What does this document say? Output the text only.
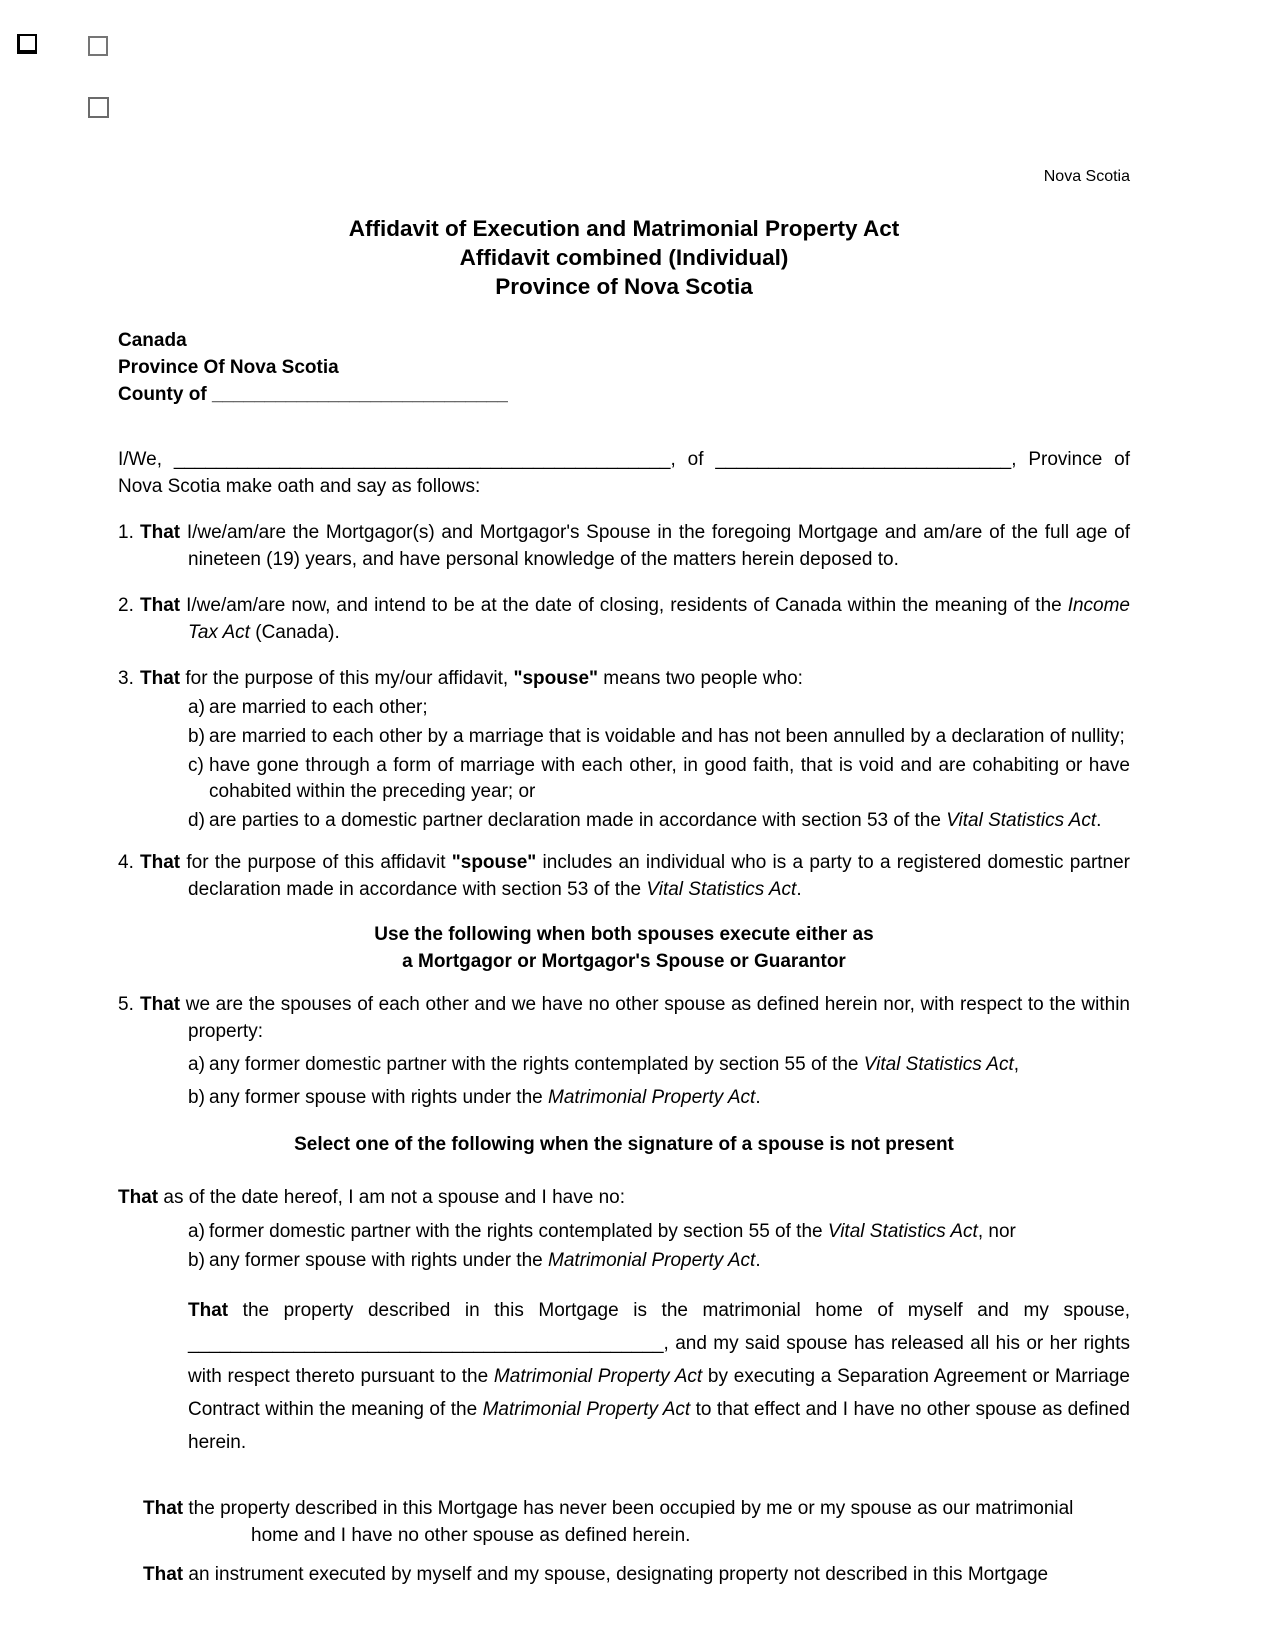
Nova Scotia
Affidavit of Execution and Matrimonial Property Act
Affidavit combined (Individual)
Province of Nova Scotia
Canada
Province Of Nova Scotia
County of ____________________________

I/We, _______________________________________________, of ____________________________, Province of Nova Scotia make oath and say as follows:

1. That I/we/am/are the Mortgagor(s) and Mortgagor's Spouse in the foregoing Mortgage and am/are of the full age of nineteen (19) years, and have personal knowledge of the matters herein deposed to.

2. That I/we/am/are now, and intend to be at the date of closing, residents of Canada within the meaning of the Income Tax Act (Canada).

3. That for the purpose of this my/our affidavit, "spouse" means two people who:

a) are married to each other;

b) are married to each other by a marriage that is voidable and has not been annulled by a declaration of nullity;

c) have gone through a form of marriage with each other, in good faith, that is void and are cohabiting or have cohabited within the preceding year; or

d) are parties to a domestic partner declaration made in accordance with section 53 of the Vital Statistics Act.

4. That for the purpose of this affidavit "spouse" includes an individual who is a party to a registered domestic partner declaration made in accordance with section 53 of the Vital Statistics Act.

Use the following when both spouses execute either as
a Mortgagor or Mortgagor's Spouse or Guarantor

5. That we are the spouses of each other and we have no other spouse as defined herein nor, with respect to the within property:

a) any former domestic partner with the rights contemplated by section 55 of the Vital Statistics Act,

b) any former spouse with rights under the Matrimonial Property Act.

Select one of the following when the signature of a spouse is not present

That as of the date hereof, I am not a spouse and I have no:

a) former domestic partner with the rights contemplated by section 55 of the Vital Statistics Act, nor

b) any former spouse with rights under the Matrimonial Property Act.

That the property described in this Mortgage is the matrimonial home of myself and my spouse, _____________________________________________, and my said spouse has released all his or her rights with respect thereto pursuant to the Matrimonial Property Act by executing a Separation Agreement or Marriage Contract within the meaning of the Matrimonial Property Act to that effect and I have no other spouse as defined herein.

That the property described in this Mortgage has never been occupied by me or my spouse as our matrimonial
home and I have no other spouse as defined herein.

That an instrument executed by myself and my spouse, designating property not described in this Mortgage
